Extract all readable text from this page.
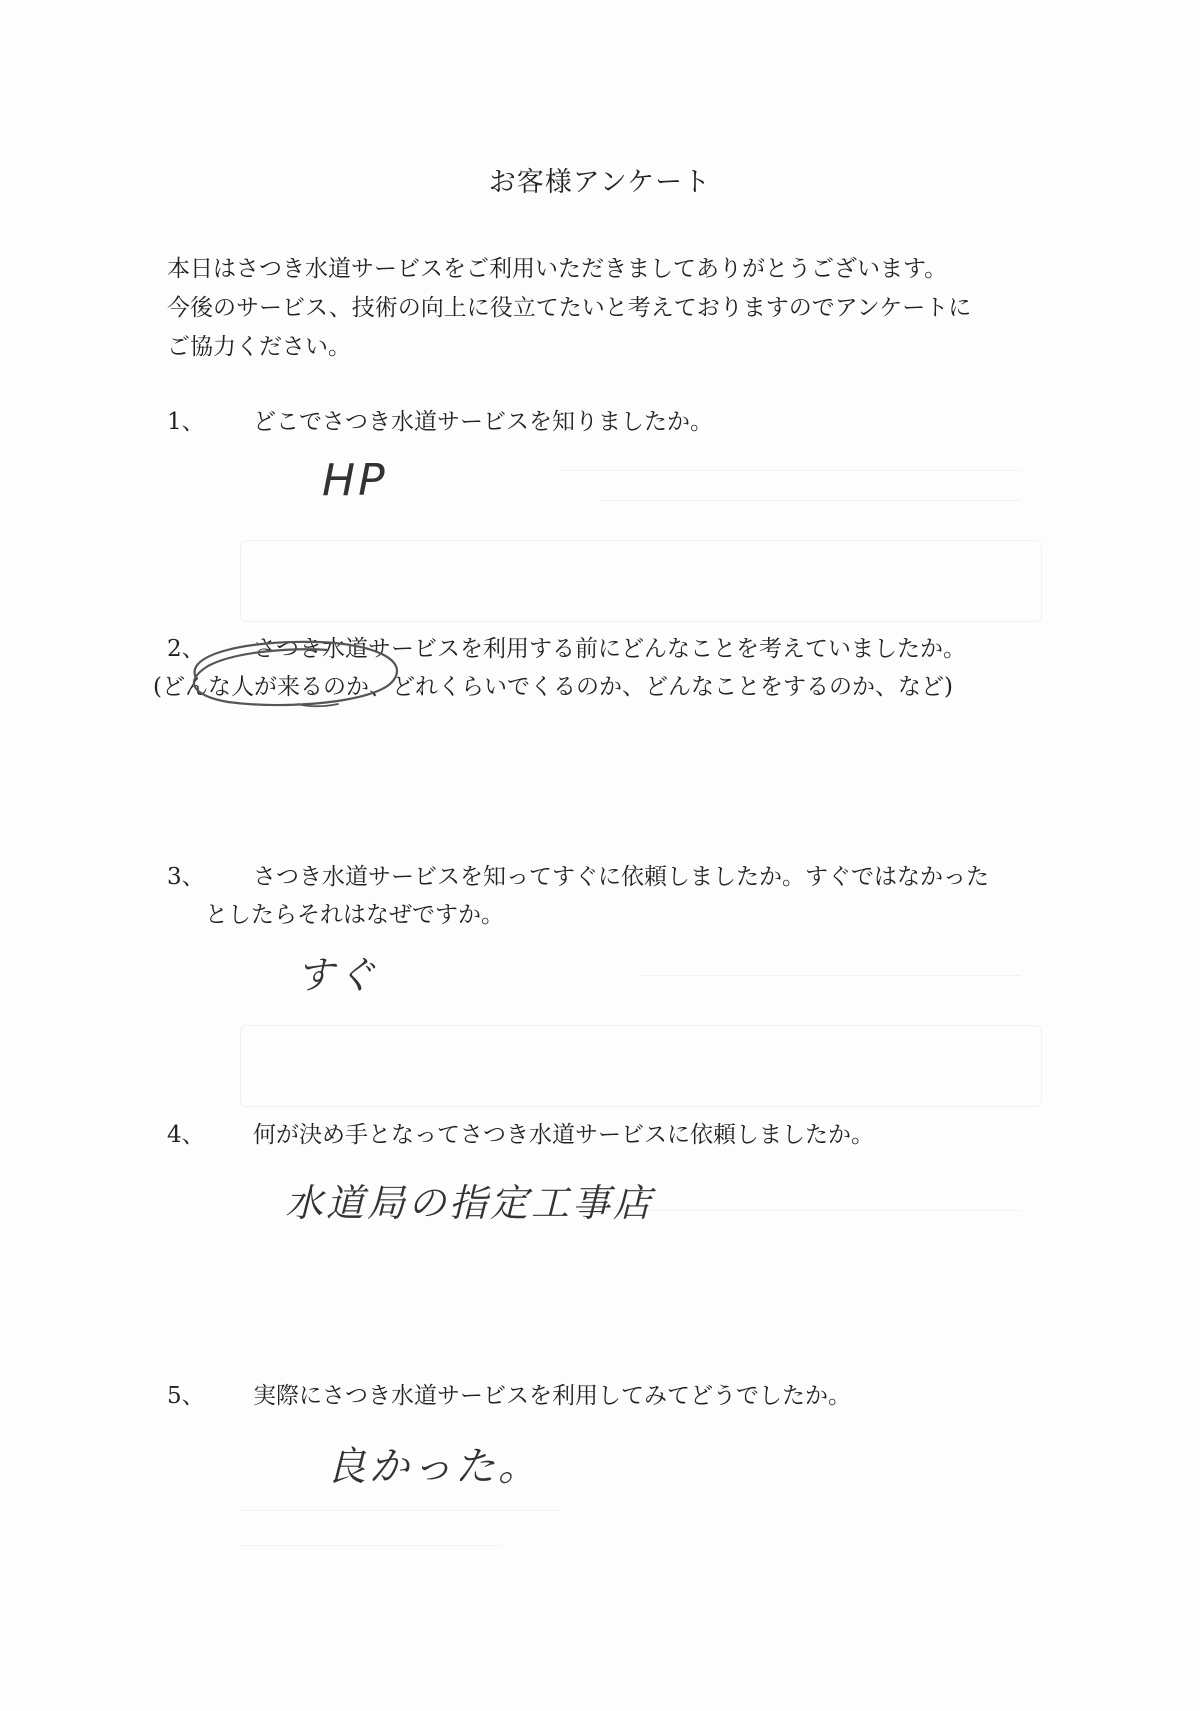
お客様アンケート
本日はさつき水道サービスをご利用いただきましてありがとうございます。
今後のサービス、技術の向上に役立てたいと考えておりますのでアンケートに
ご協力ください。
1、 どこでさつき水道サービスを知りましたか。
HP
2、 さつき水道サービスを利用する前にどんなことを考えていましたか。
(どんな人が来るのか、どれくらいでくるのか、どんなことをするのか、など)
3、 さつき水道サービスを知ってすぐに依頼しましたか。すぐではなかった
としたらそれはなぜですか。
すぐ
4、 何が決め手となってさつき水道サービスに依頼しましたか。
水道局の指定工事店
5、 実際にさつき水道サービスを利用してみてどうでしたか。
良かった。
